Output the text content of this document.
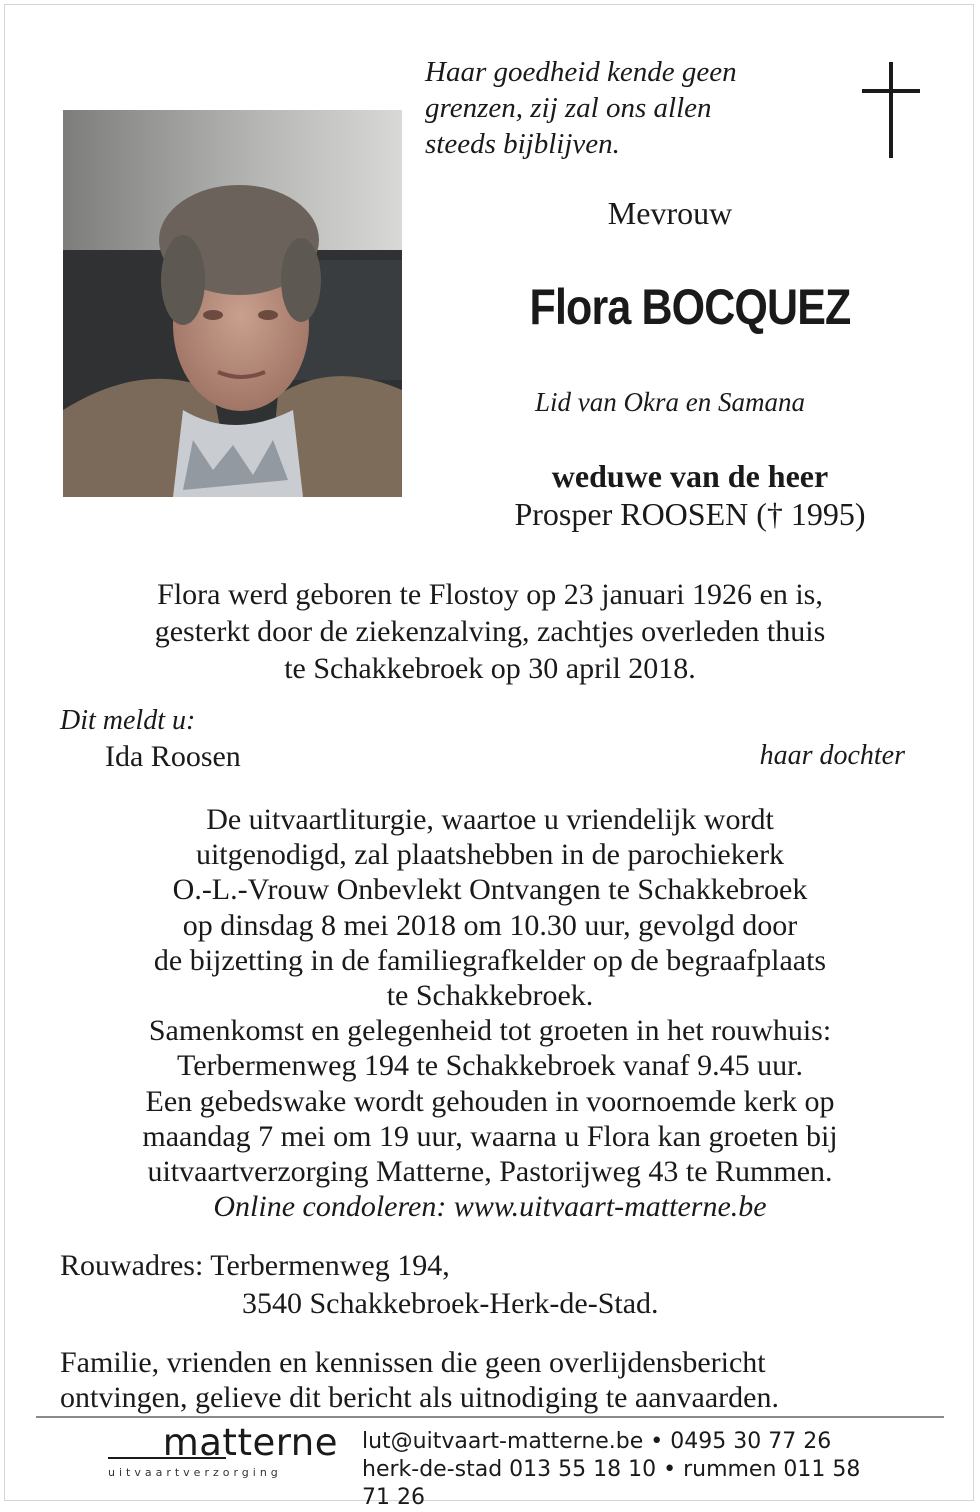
Haar goedheid kende geen
grenzen, zij zal ons allen
steeds bijblijven.
Mevrouw
Flora BOCQUEZ
Lid van Okra en Samana
weduwe van de heer
Prosper ROOSEN († 1995)
Flora werd geboren te Flostoy op 23 januari 1926 en is,
gesterkt door de ziekenzalving, zachtjes overleden thuis
te Schakkebroek op 30 april 2018.
Dit meldt u:
Ida Roosen	haar dochter
De uitvaartliturgie, waartoe u vriendelijk wordt
uitgenodigd, zal plaatshebben in de parochiekerk
O.-L.-Vrouw Onbevlekt Ontvangen te Schakkebroek
op dinsdag 8 mei 2018 om 10.30 uur, gevolgd door
de bijzetting in de familiegrafkelder op de begraafplaats
te Schakkebroek.
Samenkomst en gelegenheid tot groeten in het rouwhuis:
Terbermenweg 194 te Schakkebroek vanaf 9.45 uur.
Een gebedswake wordt gehouden in voornoemde kerk op
maandag 7 mei om 19 uur, waarna u Flora kan groeten bij
uitvaartverzorging Matterne, Pastorijweg 43 te Rummen.
Online condoleren: www.uitvaart-matterne.be
Rouwadres: Terbermenweg 194,
3540 Schakkebroek-Herk-de-Stad.
Familie, vrienden en kennissen die geen overlijdensbericht
ontvingen, gelieve dit bericht als uitnodiging te aanvaarden.
matterne
uitvaartverzorging
lut@uitvaart-matterne.be • 0495 30 77 26
herk-de-stad 013 55 18 10 • rummen 011 58 71 26
